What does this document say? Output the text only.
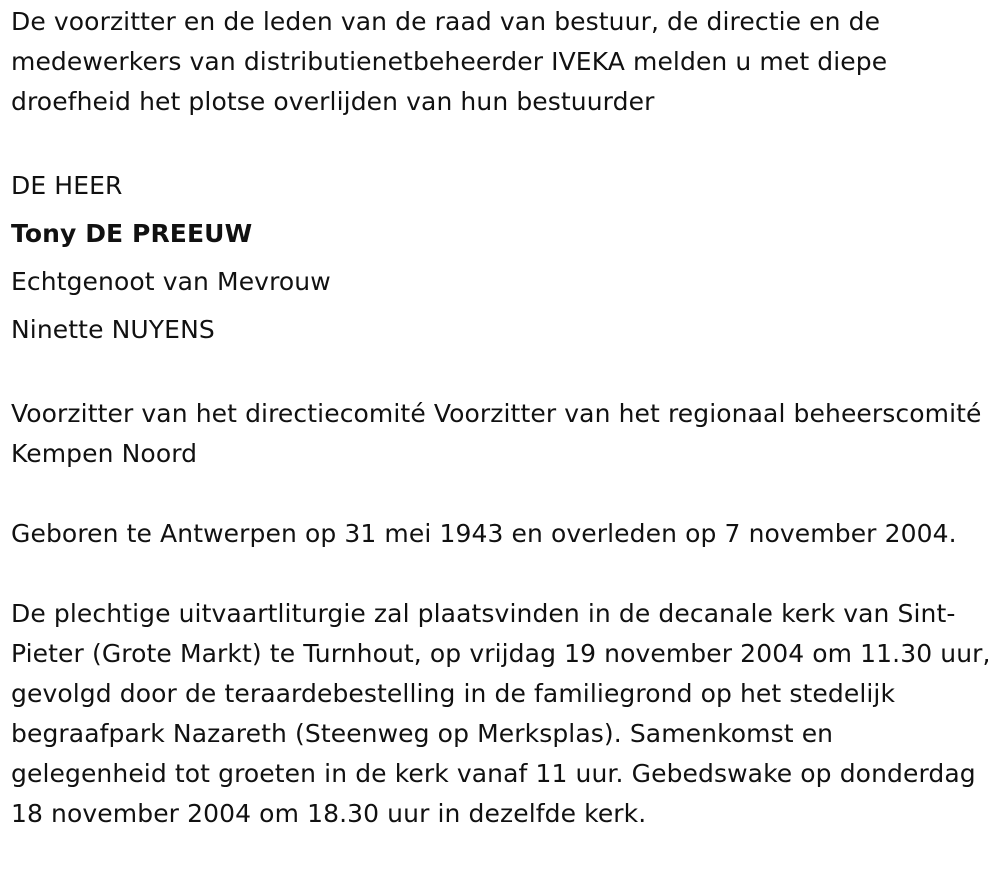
De voorzitter en de leden van de raad van bestuur, de directie en de medewerkers van distributienetbeheerder IVEKA melden u met diepe droefheid het plotse overlijden van hun bestuurder

DE HEER

Tony DE PREEUW

Echtgenoot van Mevrouw

Ninette NUYENS

Voorzitter van het directiecomité Voorzitter van het regionaal beheerscomité Kempen Noord

Geboren te Antwerpen op 31 mei 1943 en overleden op 7 november 2004.

De plechtige uitvaartliturgie zal plaatsvinden in de decanale kerk van Sint-Pieter (Grote Markt) te Turnhout, op vrijdag 19 november 2004 om 11.30 uur, gevolgd door de teraardebestelling in de familiegrond op het stedelijk begraafpark Nazareth (Steenweg op Merksplas). Samenkomst en gelegenheid tot groeten in de kerk vanaf 11 uur. Gebedswake op donderdag 18 november 2004 om 18.30 uur in dezelfde kerk.
